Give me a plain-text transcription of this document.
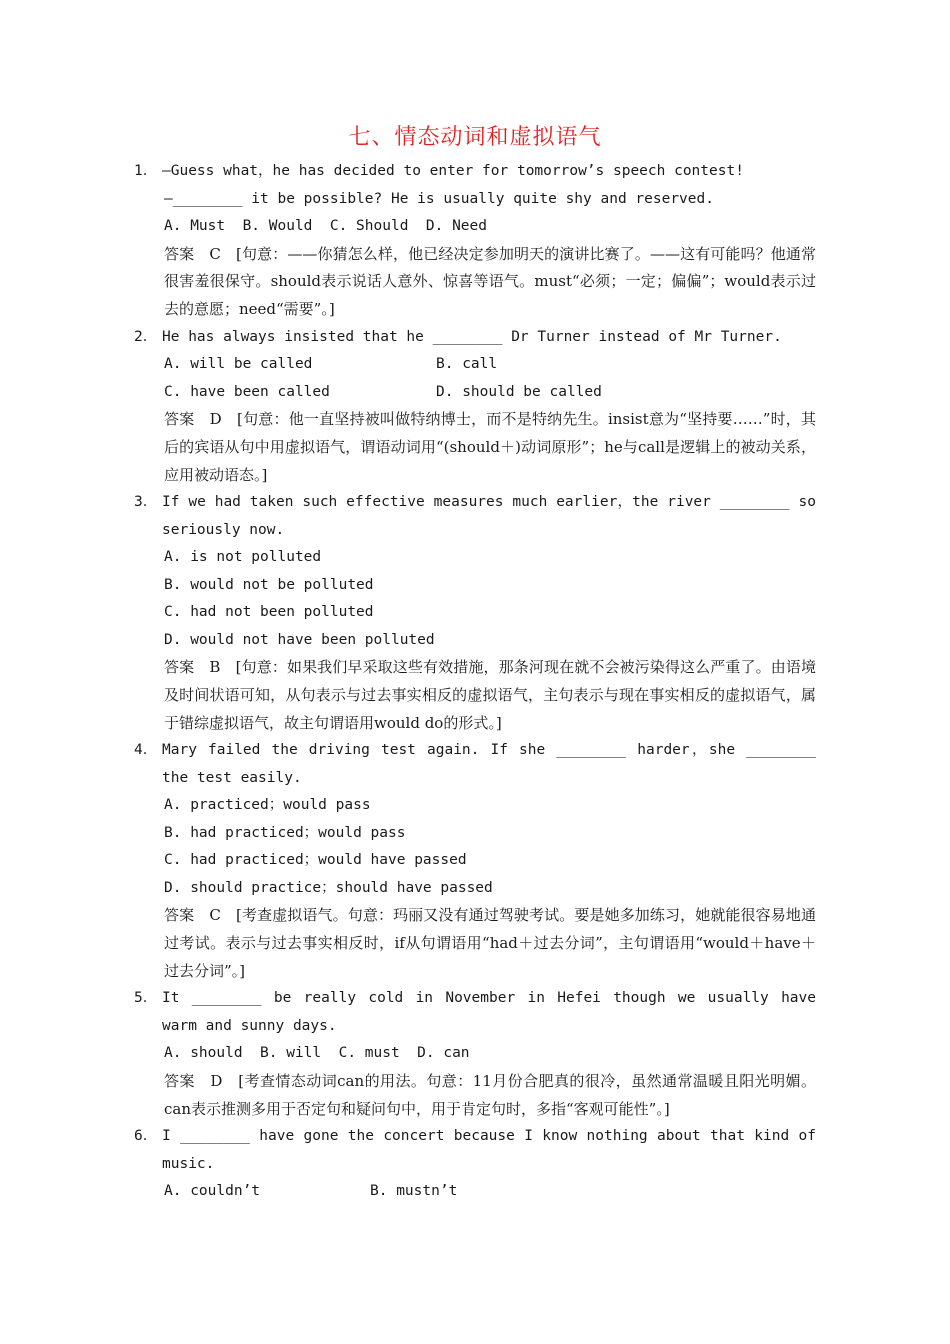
七、情态动词和虚拟语气
1． —Guess what，he has decided to enter for tomorrow’s speech contest!
—________ it be possible? He is usually quite shy and reserved.
A. Must  B. Would  C. Should  D. Need
答案　C　[句意：——你猜怎么样，他已经决定参加明天的演讲比赛了。——这有可能吗？他通常很害羞很保守。should表示说话人意外、惊喜等语气。must“必须；一定；偏偏”；would表示过去的意愿；need“需要”。]
2． He has always insisted that he ________ Dr Turner instead of Mr Turner.
A. will be called	B. call
C. have been called	D. should be called
答案　D　[句意：他一直坚持被叫做特纳博士，而不是特纳先生。insist意为“坚持要……”时，其后的宾语从句中用虚拟语气，谓语动词用“(should＋)动词原形”；he与call是逻辑上的被动关系，应用被动语态。]
3． If we had taken such effective measures much earlier，the river ________ so seriously now.
A. is not polluted
B. would not be polluted
C. had not been polluted
D. would not have been polluted
答案　B　[句意：如果我们早采取这些有效措施，那条河现在就不会被污染得这么严重了。由语境及时间状语可知，从句表示与过去事实相反的虚拟语气，主句表示与现在事实相反的虚拟语气，属于错综虚拟语气，故主句谓语用would do的形式。]
4． Mary failed the driving test again. If she ________ harder，she ________ the test easily.
A. practiced；would pass
B. had practiced；would pass
C. had practiced；would have passed
D. should practice；should have passed
答案　C　[考查虚拟语气。句意：玛丽又没有通过驾驶考试。要是她多加练习，她就能很容易地通过考试。表示与过去事实相反时，if从句谓语用“had＋过去分词”，主句谓语用“would＋have＋过去分词”。]
5． It ________ be really cold in November in Hefei though we usually have warm and sunny days.
A. should  B. will  C. must  D. can
答案　D　[考查情态动词can的用法。句意：11月份合肥真的很冷，虽然通常温暖且阳光明媚。can表示推测多用于否定句和疑问句中，用于肯定句时，多指“客观可能性”。]
6． I ________ have gone the concert because I know nothing about that kind of music.
A. couldn’t	B. mustn’t
